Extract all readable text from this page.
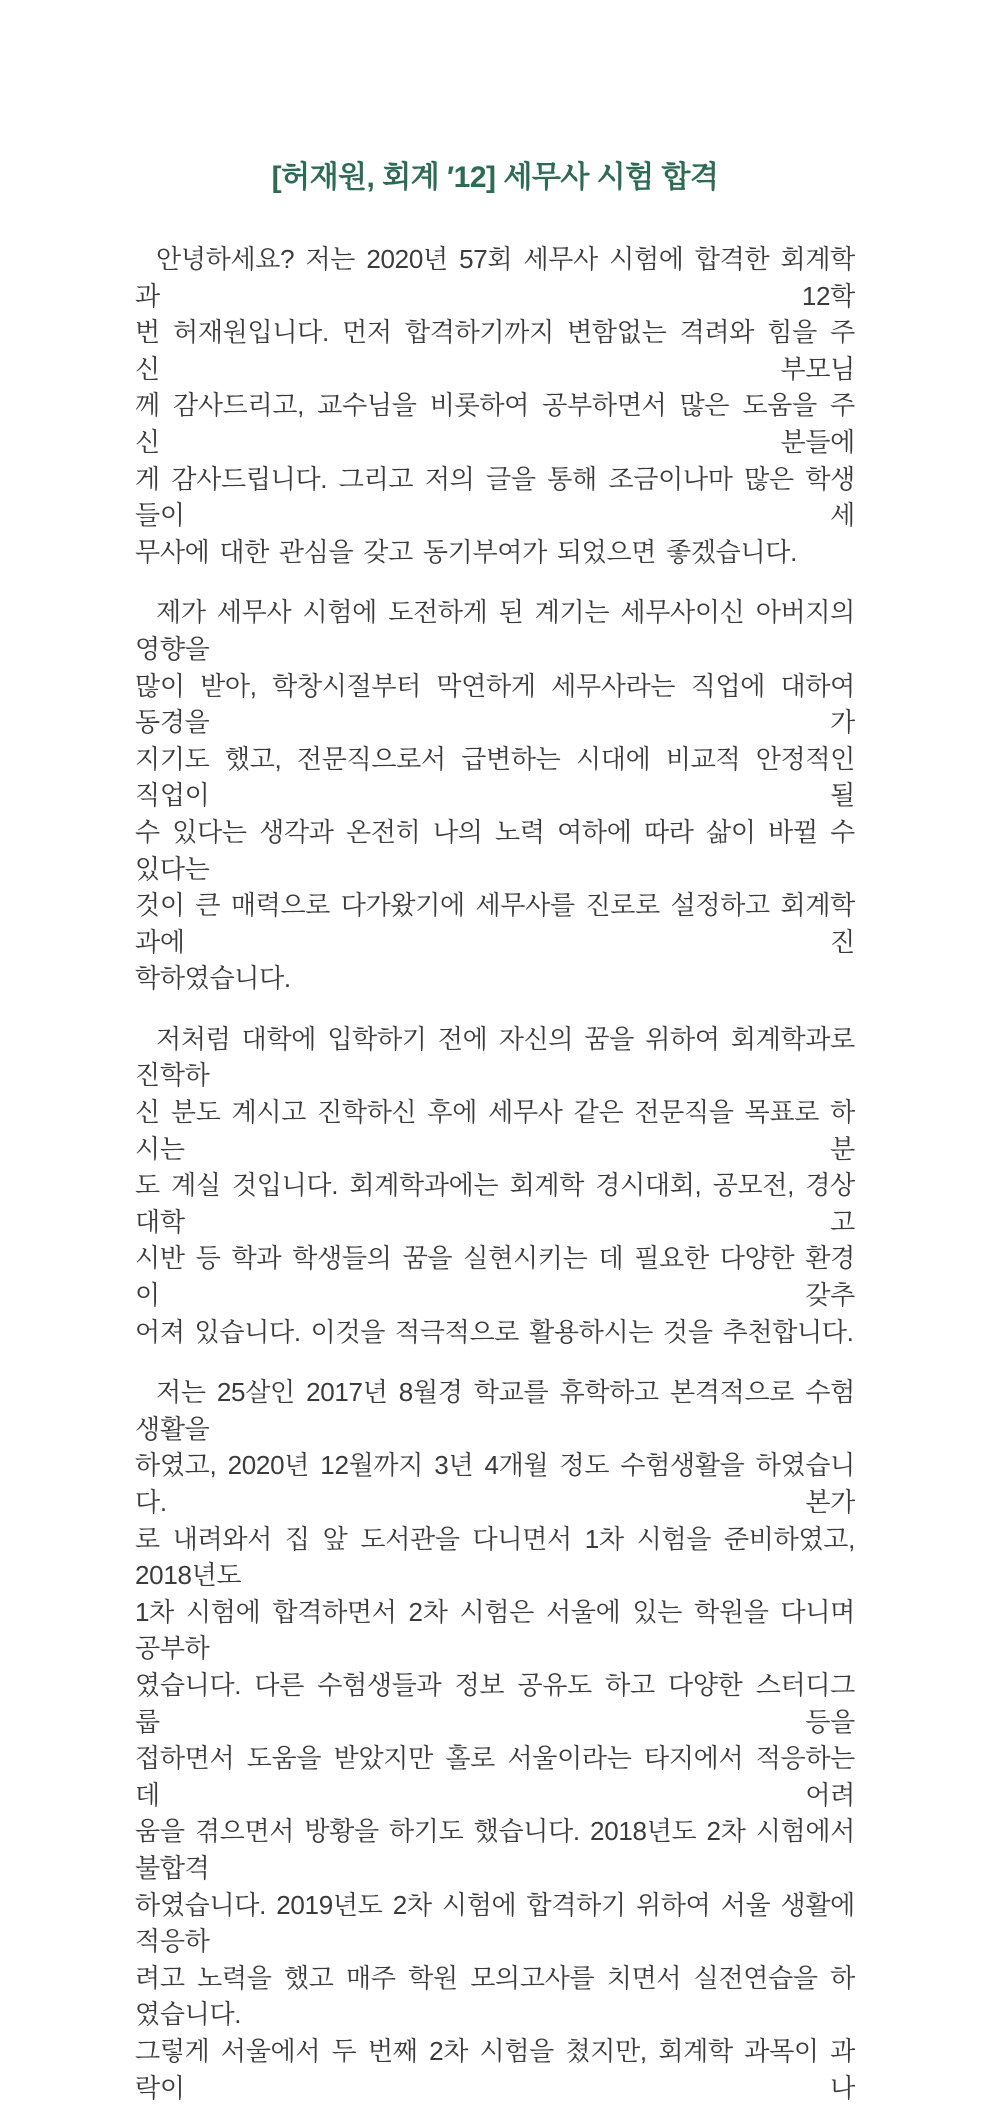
[허재원, 회계 ′12] 세무사 시험 합격
안녕하세요? 저는 2020년 57회 세무사 시험에 합격한 회계학과 12학
번 허재원입니다. 먼저 합격하기까지 변함없는 격려와 힘을 주신 부모님
께 감사드리고, 교수님을 비롯하여 공부하면서 많은 도움을 주신 분들에
게 감사드립니다. 그리고 저의 글을 통해 조금이나마 많은 학생들이 세
무사에 대한 관심을 갖고 동기부여가 되었으면 좋겠습니다.
제가 세무사 시험에 도전하게 된 계기는 세무사이신 아버지의 영향을
많이 받아, 학창시절부터 막연하게 세무사라는 직업에 대하여 동경을 가
지기도 했고, 전문직으로서 급변하는 시대에 비교적 안정적인 직업이 될
수 있다는 생각과 온전히 나의 노력 여하에 따라 삶이 바뀔 수 있다는
것이 큰 매력으로 다가왔기에 세무사를 진로로 설정하고 회계학과에 진
학하였습니다.
저처럼 대학에 입학하기 전에 자신의 꿈을 위하여 회계학과로 진학하
신 분도 계시고 진학하신 후에 세무사 같은 전문직을 목표로 하시는 분
도 계실 것입니다. 회계학과에는 회계학 경시대회, 공모전, 경상대학 고
시반 등 학과 학생들의 꿈을 실현시키는 데 필요한 다양한 환경이 갖추
어져 있습니다. 이것을 적극적으로 활용하시는 것을 추천합니다.
저는 25살인 2017년 8월경 학교를 휴학하고 본격적으로 수험생활을
하였고, 2020년 12월까지 3년 4개월 정도 수험생활을 하였습니다. 본가
로 내려와서 집 앞 도서관을 다니면서 1차 시험을 준비하였고, 2018년도
1차 시험에 합격하면서 2차 시험은 서울에 있는 학원을 다니며 공부하
였습니다. 다른 수험생들과 정보 공유도 하고 다양한 스터디그룹 등을
접하면서 도움을 받았지만 홀로 서울이라는 타지에서 적응하는 데 어려
움을 겪으면서 방황을 하기도 했습니다. 2018년도 2차 시험에서 불합격
하였습니다. 2019년도 2차 시험에 합격하기 위하여 서울 생활에 적응하
려고 노력을 했고 매주 학원 모의고사를 치면서 실전연습을 하였습니다.
그렇게 서울에서 두 번째 2차 시험을 쳤지만, 회계학 과목이 과락이 나
